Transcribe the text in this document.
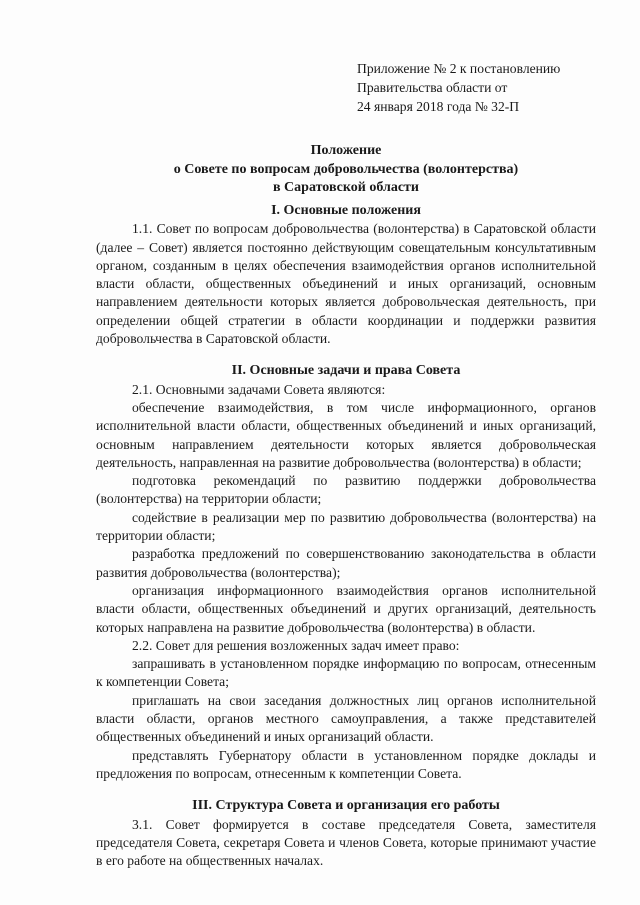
Приложение № 2 к постановлению
Правительства области от
24 января 2018 года № 32-П
Положение
о Совете по вопросам добровольчества (волонтерства)
в Саратовской области
I. Основные положения

1.1. Совет по вопросам добровольчества (волонтерства) в Саратовской области (далее – Совет) является постоянно действующим совещательным консультативным органом, созданным в целях обеспечения взаимодействия органов исполнительной власти области, общественных объединений и иных организаций, основным направлением деятельности которых является добровольческая деятельность, при определении общей стратегии в области координации и поддержки развития добровольчества в Саратовской области.

II. Основные задачи и права Совета

2.1. Основными задачами Совета являются:

обеспечение взаимодействия, в том числе информационного, органов исполнительной власти области, общественных объединений и иных организаций, основным направлением деятельности которых является добровольческая деятельность, направленная на развитие добровольчества (волонтерства) в области;

подготовка рекомендаций по развитию поддержки добровольчества (волонтерства) на территории области;

содействие в реализации мер по развитию добровольчества (волонтерства) на территории области;

разработка предложений по совершенствованию законодательства в области развития добровольчества (волонтерства);

организация информационного взаимодействия органов исполнительной власти области, общественных объединений и других организаций, деятельность которых направлена на развитие добровольчества (волонтерства) в области.

2.2. Совет для решения возложенных задач имеет право:

запрашивать в установленном порядке информацию по вопросам, отнесенным к компетенции Совета;

приглашать на свои заседания должностных лиц органов исполнительной власти области, органов местного самоуправления, а также представителей общественных объединений и иных организаций области.

представлять Губернатору области в установленном порядке доклады и предложения по вопросам, отнесенным к компетенции Совета.

III. Структура Совета и организация его работы

3.1. Совет формируется в составе председателя Совета, заместителя председателя Совета, секретаря Совета и членов Совета, которые принимают участие в его работе на общественных началах.
